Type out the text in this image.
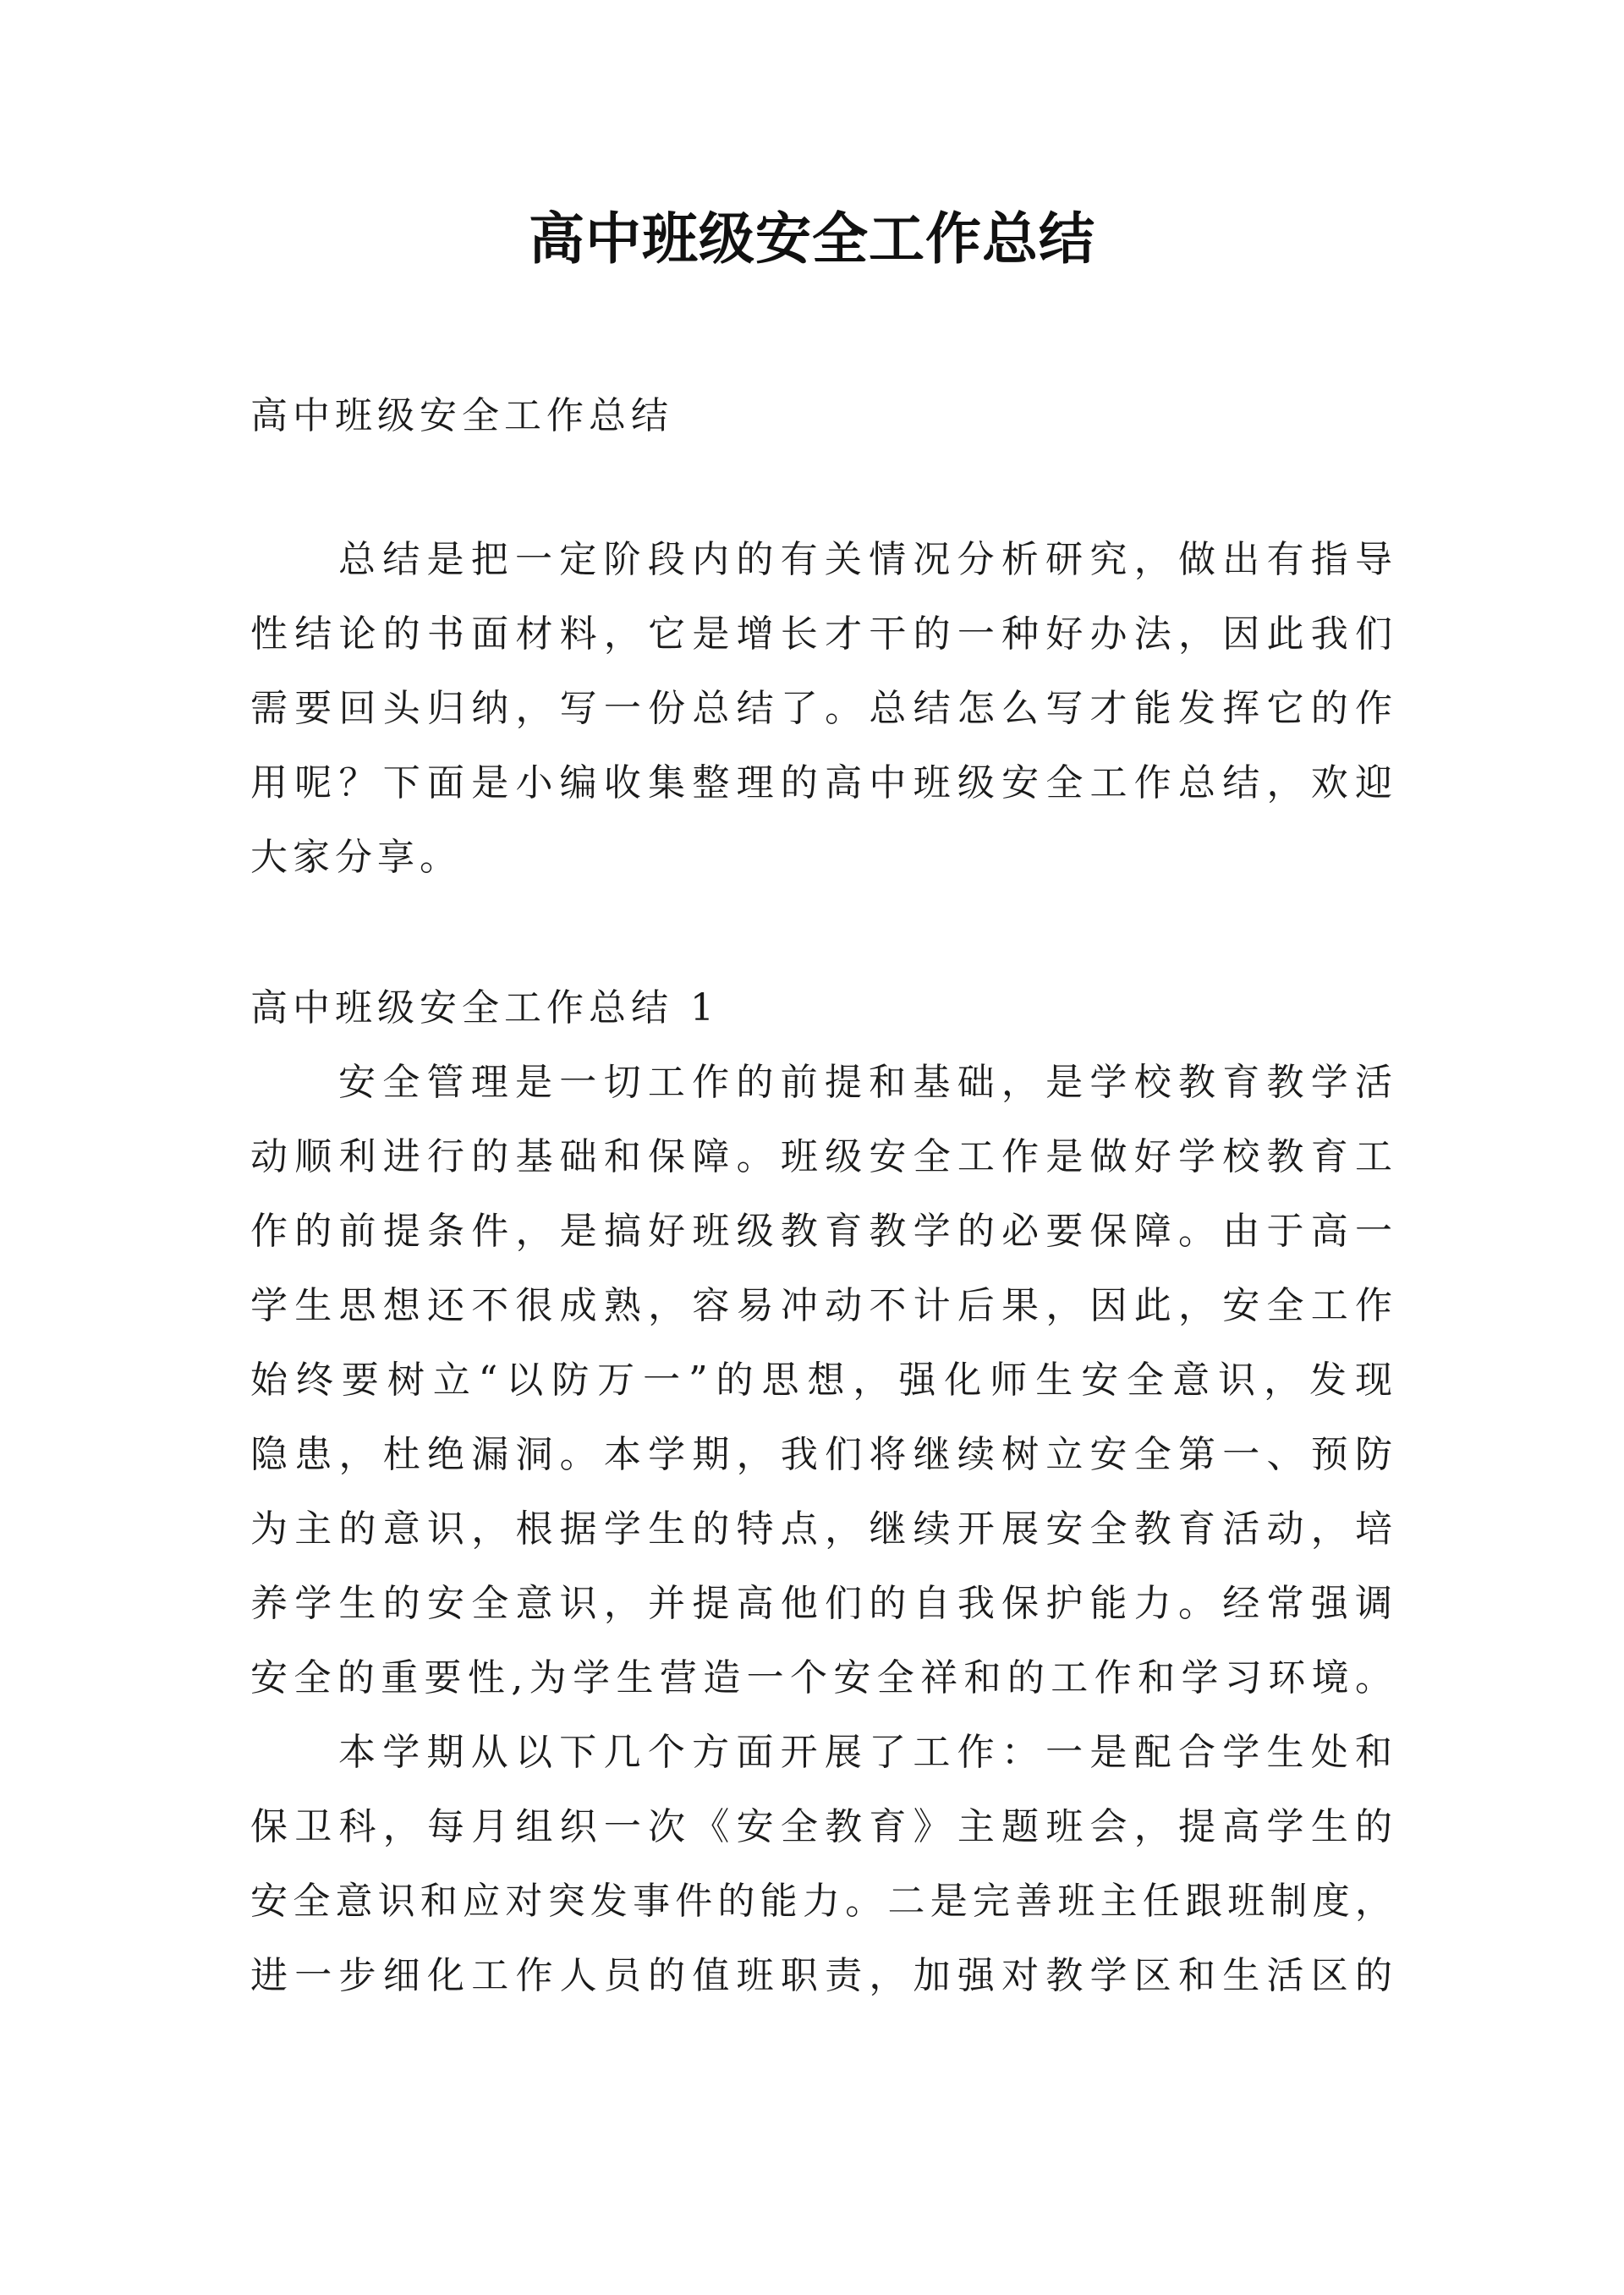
高中班级安全工作总结

高中班级安全工作总结

总结是把一定阶段内的有关情况分析研究，做出有指导

性结论的书面材料，它是增长才干的一种好办法，因此我们

需要回头归纳，写一份总结了。总结怎么写才能发挥它的作

用呢？下面是小编收集整理的高中班级安全工作总结，欢迎

大家分享。

高中班级安全工作总结 1

安全管理是一切工作的前提和基础，是学校教育教学活

动顺利进行的基础和保障。班级安全工作是做好学校教育工

作的前提条件，是搞好班级教育教学的必要保障。由于高一

学生思想还不很成熟，容易冲动不计后果，因此，安全工作

始终要树立“以防万一”的思想，强化师生安全意识，发现

隐患，杜绝漏洞。本学期，我们将继续树立安全第一、预防

为主的意识，根据学生的特点，继续开展安全教育活动，培

养学生的安全意识，并提高他们的自我保护能力。经常强调

安全的重要性,为学生营造一个安全祥和的工作和学习环境。

本学期从以下几个方面开展了工作：一是配合学生处和

保卫科，每月组织一次《安全教育》主题班会，提高学生的

安全意识和应对突发事件的能力。二是完善班主任跟班制度，

进一步细化工作人员的值班职责，加强对教学区和生活区的
